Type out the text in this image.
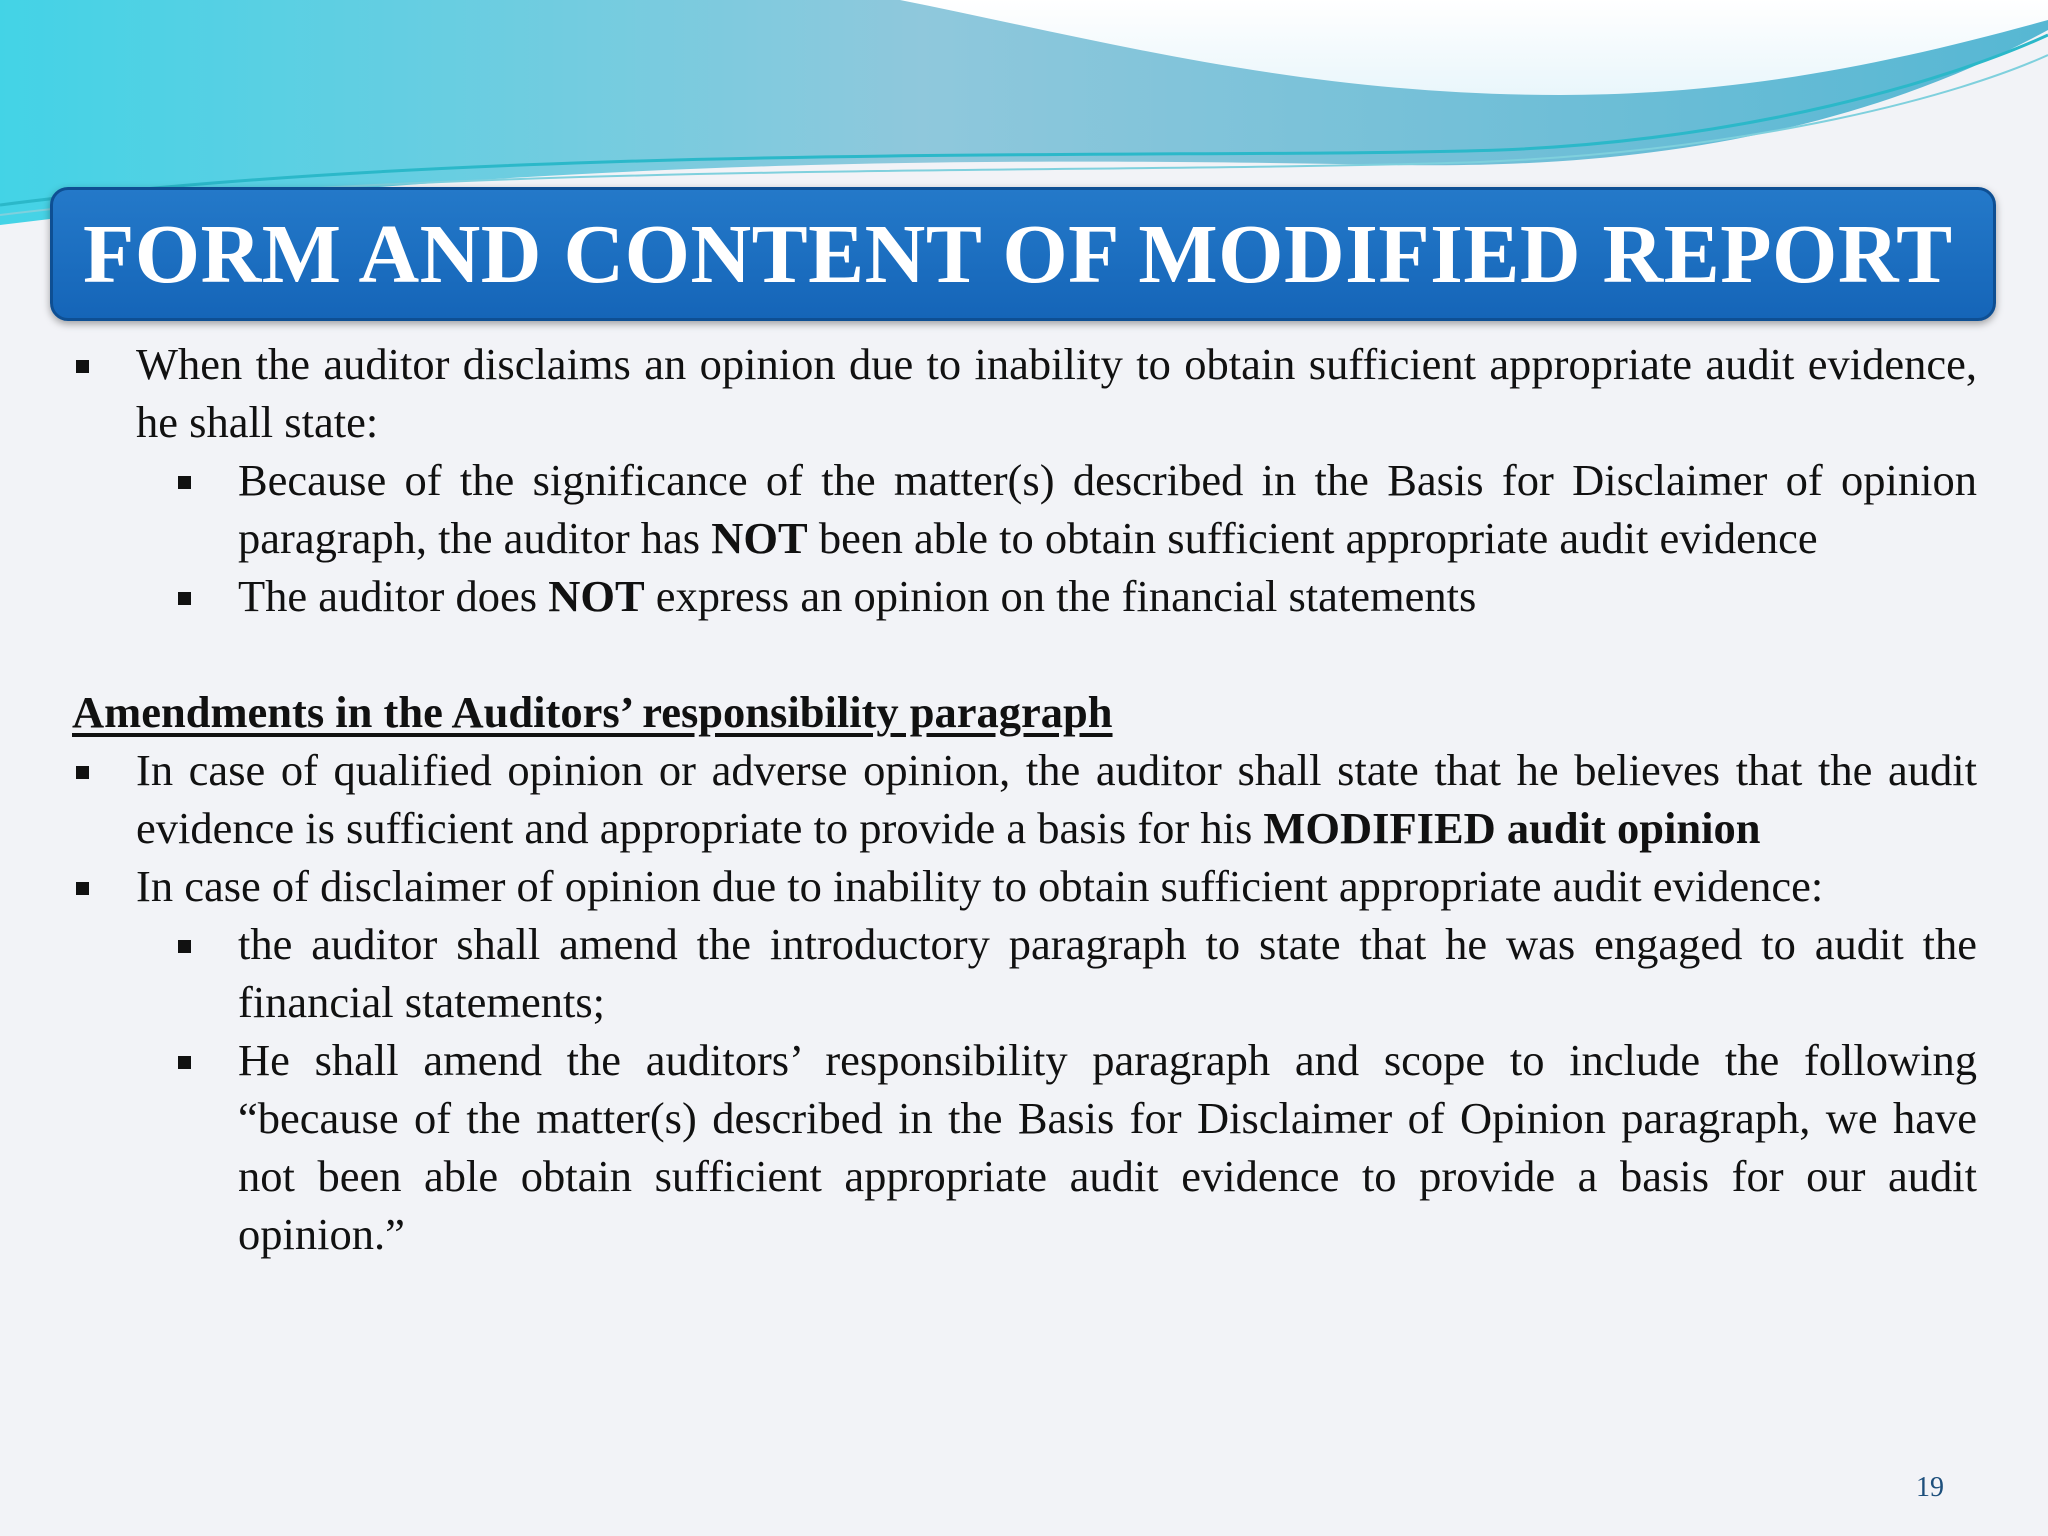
FORM AND CONTENT OF MODIFIED REPORT
When the auditor disclaims an opinion due to inability to obtain sufficient appropriate audit evidence, he shall state:
Because of the significance of the matter(s) described in the Basis for Disclaimer of opinion paragraph, the auditor has NOT been able to obtain sufficient appropriate audit evidence
The auditor does NOT express an opinion on the financial statements
Amendments in the Auditors’ responsibility paragraph
In case of qualified opinion or adverse opinion, the auditor shall state that he believes that the audit evidence is sufficient and appropriate to provide a basis for his MODIFIED audit opinion
In case of disclaimer of opinion due to inability to obtain sufficient appropriate audit evidence:
the auditor shall amend the introductory paragraph to state that he was engaged to audit the financial statements;
He shall amend the auditors’ responsibility paragraph and scope to include the following “because of the matter(s) described in the Basis for Disclaimer of Opinion paragraph, we have not been able obtain sufficient appropriate audit evidence to provide a basis for our audit opinion.”
19
